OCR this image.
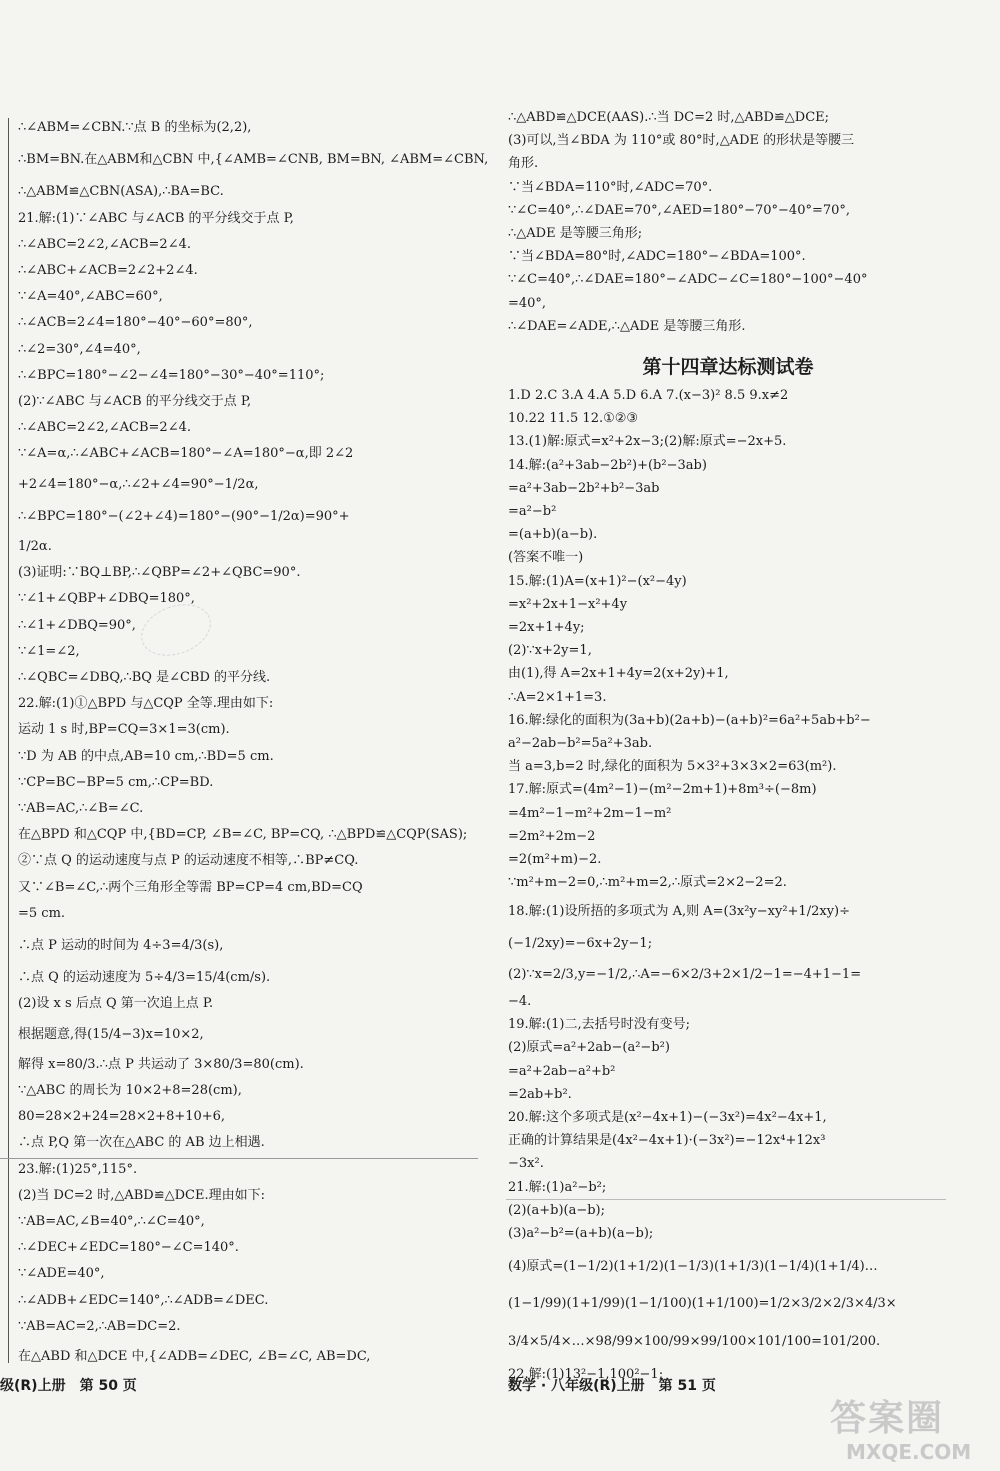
∴∠ABM=∠CBN.∵点 B 的坐标为(2,2),
∴BM=BN.在△ABM和△CBN 中,{∠AMB=∠CNB, BM=BN, ∠ABM=∠CBN,
∴△ABM≌△CBN(ASA),∴BA=BC.
21.解:(1)∵∠ABC 与∠ACB 的平分线交于点 P,
∴∠ABC=2∠2,∠ACB=2∠4.
∴∠ABC+∠ACB=2∠2+2∠4.
∵∠A=40°,∠ABC=60°,
∴∠ACB=2∠4=180°−40°−60°=80°,
∴∠2=30°,∠4=40°,
∴∠BPC=180°−∠2−∠4=180°−30°−40°=110°;
(2)∵∠ABC 与∠ACB 的平分线交于点 P,
∴∠ABC=2∠2,∠ACB=2∠4.
∵∠A=α,∴∠ABC+∠ACB=180°−∠A=180°−α,即 2∠2
+2∠4=180°−α,∴∠2+∠4=90°−1/2α,
∴∠BPC=180°−(∠2+∠4)=180°−(90°−1/2α)=90°+
1/2α.
(3)证明:∵BQ⊥BP,∴∠QBP=∠2+∠QBC=90°.
∵∠1+∠QBP+∠DBQ=180°,
∴∠1+∠DBQ=90°,
∵∠1=∠2,
∴∠QBC=∠DBQ,∴BQ 是∠CBD 的平分线.
22.解:(1)①△BPD 与△CQP 全等.理由如下:
运动 1 s 时,BP=CQ=3×1=3(cm).
∵D 为 AB 的中点,AB=10 cm,∴BD=5 cm.
∵CP=BC−BP=5 cm,∴CP=BD.
∵AB=AC,∴∠B=∠C.
在△BPD 和△CQP 中,{BD=CP, ∠B=∠C, BP=CQ, ∴△BPD≌△CQP(SAS);
②∵点 Q 的运动速度与点 P 的运动速度不相等,∴BP≠CQ.
又∵∠B=∠C,∴两个三角形全等需 BP=CP=4 cm,BD=CQ
=5 cm.
∴点 P 运动的时间为 4÷3=4/3(s),
∴点 Q 的运动速度为 5÷4/3=15/4(cm/s).
(2)设 x s 后点 Q 第一次追上点 P.
根据题意,得(15/4−3)x=10×2,
解得 x=80/3.∴点 P 共运动了 3×80/3=80(cm).
∵△ABC 的周长为 10×2+8=28(cm),
80=28×2+24=28×2+8+10+6,
∴点 P,Q 第一次在△ABC 的 AB 边上相遇.
23.解:(1)25°,115°.
(2)当 DC=2 时,△ABD≌△DCE.理由如下:
∵AB=AC,∠B=40°,∴∠C=40°,
∴∠DEC+∠EDC=180°−∠C=140°.
∵∠ADE=40°,
∴∠ADB+∠EDC=140°,∴∠ADB=∠DEC.
∵AB=AC=2,∴AB=DC=2.
在△ABD 和△DCE 中,{∠ADB=∠DEC, ∠B=∠C, AB=DC,
∴△ABD≌△DCE(AAS).∴当 DC=2 时,△ABD≌△DCE;
(3)可以,当∠BDA 为 110°或 80°时,△ADE 的形状是等腰三
角形.
∵当∠BDA=110°时,∠ADC=70°.
∵∠C=40°,∴∠DAE=70°,∠AED=180°−70°−40°=70°,
∴△ADE 是等腰三角形;
∵当∠BDA=80°时,∠ADC=180°−∠BDA=100°.
∵∠C=40°,∴∠DAE=180°−∠ADC−∠C=180°−100°−40°
=40°,
∴∠DAE=∠ADE,∴△ADE 是等腰三角形.
第十四章达标测试卷
1.D 2.C 3.A 4.A 5.D 6.A 7.(x−3)² 8.5 9.x≠2
10.22 11.5 12.①②③
13.(1)解:原式=x²+2x−3;(2)解:原式=−2x+5.
14.解:(a²+3ab−2b²)+(b²−3ab)
=a²+3ab−2b²+b²−3ab
=a²−b²
=(a+b)(a−b).
(答案不唯一)
15.解:(1)A=(x+1)²−(x²−4y)
=x²+2x+1−x²+4y
=2x+1+4y;
(2)∵x+2y=1,
由(1),得 A=2x+1+4y=2(x+2y)+1,
∴A=2×1+1=3.
16.解:绿化的面积为(3a+b)(2a+b)−(a+b)²=6a²+5ab+b²−
a²−2ab−b²=5a²+3ab.
当 a=3,b=2 时,绿化的面积为 5×3²+3×3×2=63(m²).
17.解:原式=(4m²−1)−(m²−2m+1)+8m³÷(−8m)
=4m²−1−m²+2m−1−m²
=2m²+2m−2
=2(m²+m)−2.
∵m²+m−2=0,∴m²+m=2,∴原式=2×2−2=2.
18.解:(1)设所捂的多项式为 A,则 A=(3x²y−xy²+1/2xy)÷
(−1/2xy)=−6x+2y−1;
(2)∵x=2/3,y=−1/2,∴A=−6×2/3+2×1/2−1=−4+1−1=
−4.
19.解:(1)二,去括号时没有变号;
(2)原式=a²+2ab−(a²−b²)
=a²+2ab−a²+b²
=2ab+b².
20.解:这个多项式是(x²−4x+1)−(−3x²)=4x²−4x+1,
正确的计算结果是(4x²−4x+1)·(−3x²)=−12x⁴+12x³
−3x².
21.解:(1)a²−b²;
(2)(a+b)(a−b);
(3)a²−b²=(a+b)(a−b);
(4)原式=(1−1/2)(1+1/2)(1−1/3)(1+1/3)(1−1/4)(1+1/4)…
(1−1/99)(1+1/99)(1−1/100)(1+1/100)=1/2×3/2×2/3×4/3×
3/4×5/4×…×98/99×100/99×99/100×101/100=101/200.
22.解:(1)13²−1,100²−1;
级(R)上册　第 50 页	数学 · 八年级(R)上册　第 51 页
答案圈
MXQE.COM
